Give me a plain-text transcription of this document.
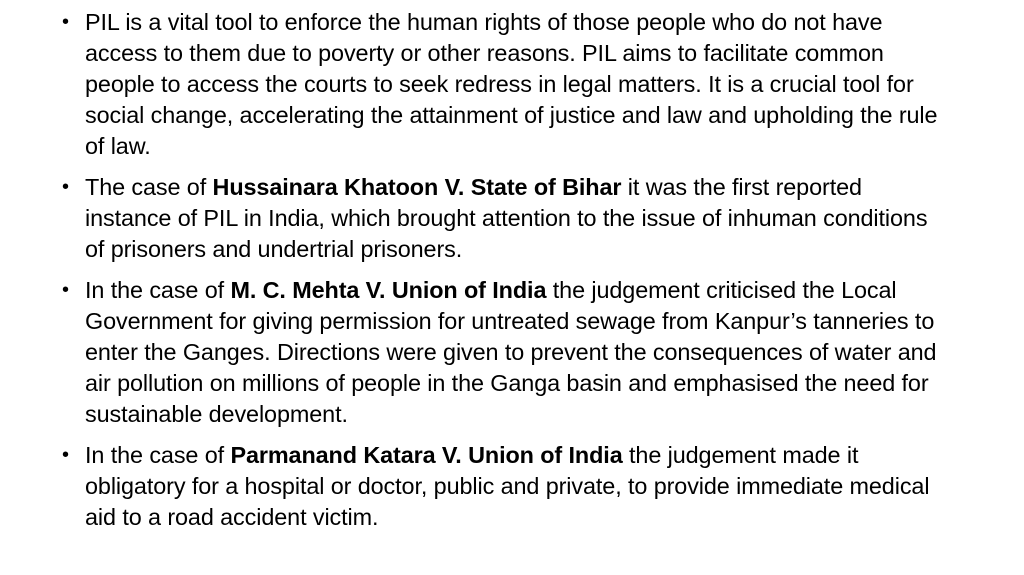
• PIL is a vital tool to enforce the human rights of those people who do not have access to them due to poverty or other reasons. PIL aims to facilitate common people to access the courts to seek redress in legal matters. It is a crucial tool for social change, accelerating the attainment of justice and law and upholding the rule of law.
• The case of Hussainara Khatoon V. State of Bihar it was the first reported instance of PIL in India, which brought attention to the issue of inhuman conditions of prisoners and undertrial prisoners.
• In the case of M. C. Mehta V. Union of India the judgement criticised the Local Government for giving permission for untreated sewage from Kanpur’s tanneries to enter the Ganges. Directions were given to prevent the consequences of water and air pollution on millions of people in the Ganga basin and emphasised the need for sustainable development.
• In the case of Parmanand Katara V. Union of India the judgement made it obligatory for a hospital or doctor, public and private, to provide immediate medical aid to a road accident victim.
